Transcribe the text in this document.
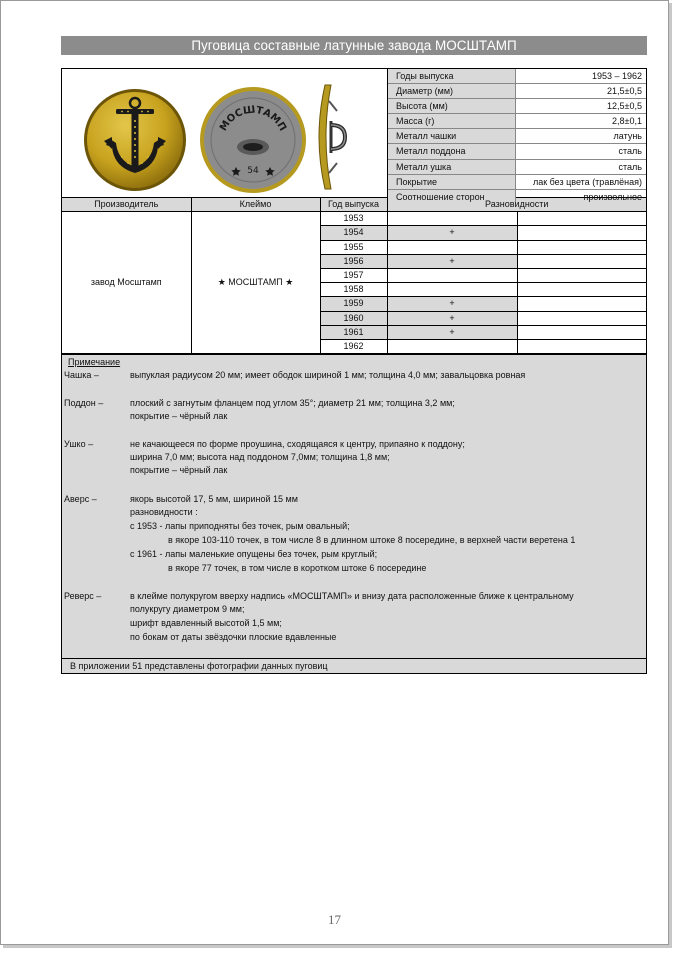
Пуговица составные латунные завода МОСШТАМП
МОСШТАМП
54
Годы выпуска	1953 – 1962
Диаметр (мм)	21,5±0,5
Высота (мм)	12,5±0,5
Масса (г)	2,8±0,1
Металл чашки	латунь
Металл поддона	сталь
Металл ушка	сталь
Покрытие	лак без цвета (травлёная)
Соотношение сторон	произвольное
Производитель	Клеймо	Год выпуска	Разновидности	
завод Мосштамп	★ МОСШТАМП ★	1953		
		1954	+	
		1955		
		1956	+	
		1957		
		1958		
		1959	+	
		1960	+	
		1961	+	
		1962		
Примечание
Чашка –	выпуклая радиусом 20 мм; имеет ободок шириной 1 мм; толщина 4,0 мм; завальцовка ровная
Поддон –	плоский с загнутым фланцем под углом 35°; диаметр 21 мм; толщина 3,2 мм;
покрытие – чёрный лак
Ушко –	не качающееся по форме проушина, сходящаяся к центру, припаяно к поддону;
ширина 7,0 мм; высота над поддоном 7,0мм; толщина 1,8 мм;
покрытие – чёрный лак
Аверс –	якорь высотой 17, 5 мм, шириной 15 мм
разновидности :
с 1953 - лапы приподняты без точек, рым овальный;
в якоре 103-110 точек, в том числе 8 в длинном штоке 8 посередине, в верхней части веретена 1
с 1961 - лапы маленькие опущены без точек, рым круглый;
в якоре 77 точек, в том числе в коротком штоке 6 посередине
Реверс –	в клейме полукругом вверху надпись «МОСШТАМП» и внизу дата расположенные ближе к центральному
полукругу диаметром 9 мм;
шрифт вдавленный высотой 1,5 мм;
по бокам от даты звёздочки плоские вдавленные
В приложении 51 представлены фотографии данных пуговиц
17
